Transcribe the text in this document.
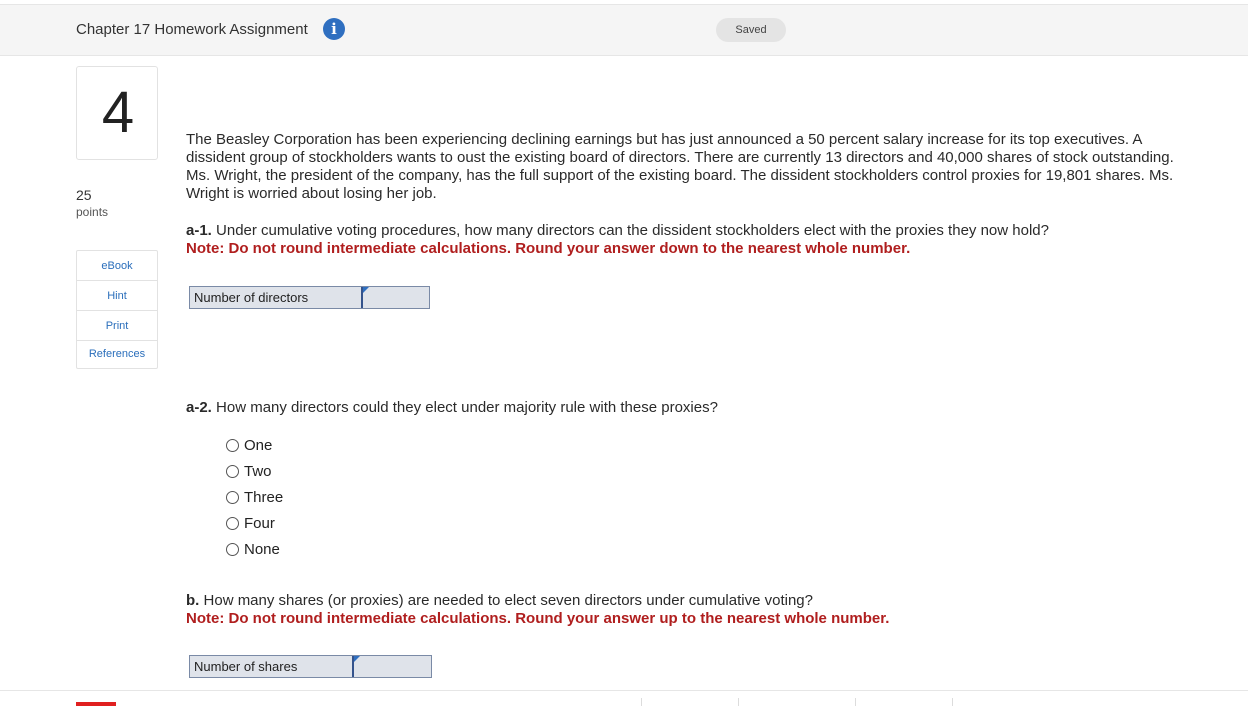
Chapter 17 Homework Assignment	i	Saved
4
25
points
eBook
Hint
Print
References
The Beasley Corporation has been experiencing declining earnings but has just announced a 50 percent salary increase for its top executives. A dissident group of stockholders wants to oust the existing board of directors. There are currently 13 directors and 40,000 shares of stock outstanding. Ms. Wright, the president of the company, has the full support of the existing board. The dissident stockholders control proxies for 19,801 shares. Ms. Wright is worried about losing her job.
a-1. Under cumulative voting procedures, how many directors can the dissident stockholders elect with the proxies they now hold?
Note: Do not round intermediate calculations. Round your answer down to the nearest whole number.
Number of directors
a-2. How many directors could they elect under majority rule with these proxies?
One
Two
Three
Four
None
b. How many shares (or proxies) are needed to elect seven directors under cumulative voting?
Note: Do not round intermediate calculations. Round your answer up to the nearest whole number.
Number of shares
